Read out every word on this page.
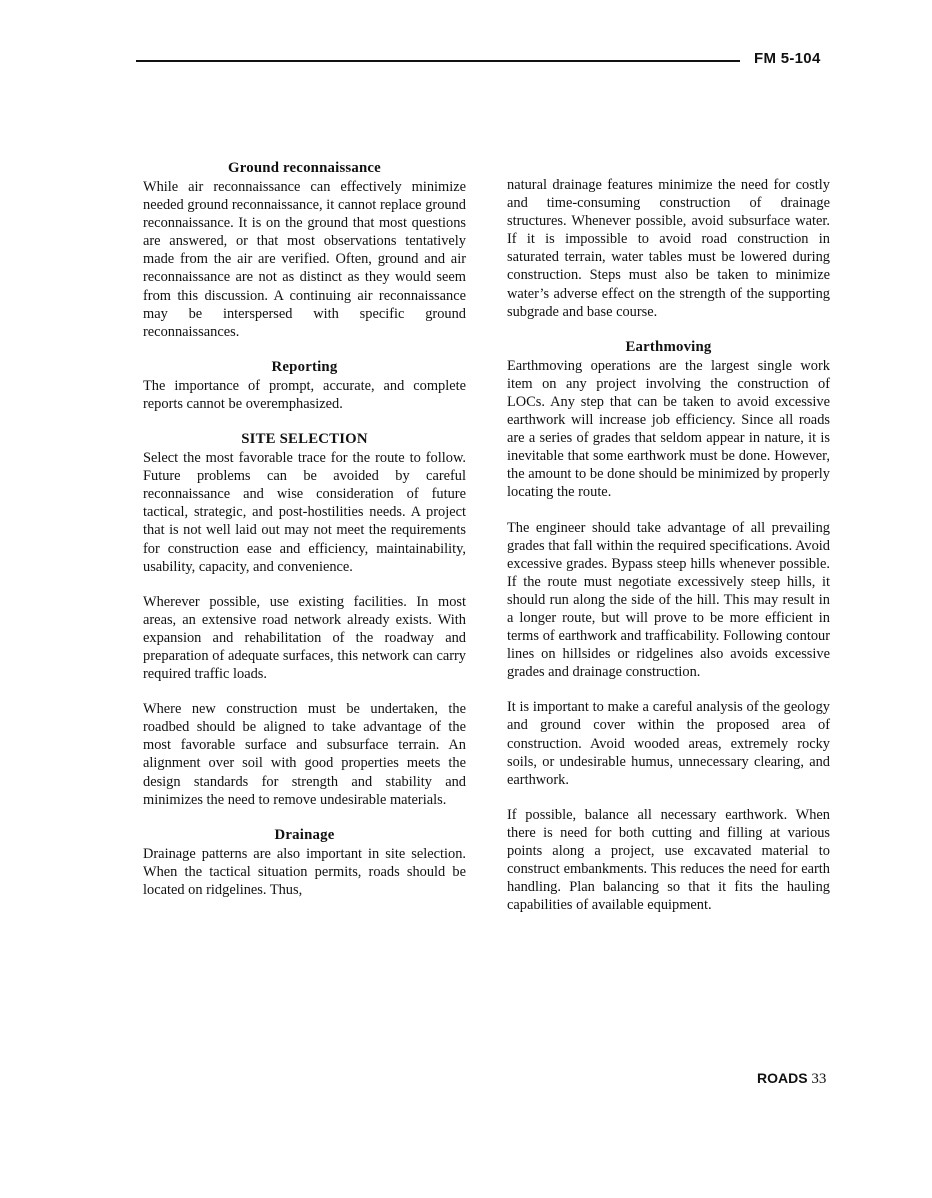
FM 5-104
Ground reconnaissance

While air reconnaissance can effectively minimize needed ground reconnaissance, it cannot replace ground reconnaissance. It is on the ground that most questions are answered, or that most observations tentatively made from the air are verified. Often, ground and air reconnaissance are not as distinct as they would seem from this discussion. A continuing air reconnaissance may be interspersed with specific ground reconnaissances.

Reporting

The importance of prompt, accurate, and complete reports cannot be overemphasized.

SITE SELECTION

Select the most favorable trace for the route to follow. Future problems can be avoided by careful reconnaissance and wise consideration of future tactical, strategic, and post-hostilities needs. A project that is not well laid out may not meet the requirements for construction ease and efficiency, maintainability, usability, capacity, and convenience.

Wherever possible, use existing facilities. In most areas, an extensive road network already exists. With expansion and rehabilitation of the roadway and preparation of adequate surfaces, this network can carry required traffic loads.

Where new construction must be undertaken, the roadbed should be aligned to take advantage of the most favorable surface and subsurface terrain. An alignment over soil with good properties meets the design standards for strength and stability and minimizes the need to remove undesirable materials.

Drainage

Drainage patterns are also important in site selection. When the tactical situation permits, roads should be located on ridgelines. Thus,

natural drainage features minimize the need for costly and time-consuming construction of drainage structures. Whenever possible, avoid subsurface water. If it is impossible to avoid road construction in saturated terrain, water tables must be lowered during construction. Steps must also be taken to minimize water’s adverse effect on the strength of the supporting subgrade and base course.

Earthmoving

Earthmoving operations are the largest single work item on any project involving the construction of LOCs. Any step that can be taken to avoid excessive earthwork will increase job efficiency. Since all roads are a series of grades that seldom appear in nature, it is inevitable that some earthwork must be done. However, the amount to be done should be minimized by properly locating the route.

The engineer should take advantage of all prevailing grades that fall within the required specifications. Avoid excessive grades. Bypass steep hills whenever possible. If the route must negotiate excessively steep hills, it should run along the side of the hill. This may result in a longer route, but will prove to be more efficient in terms of earthwork and trafficability. Following contour lines on hillsides or ridgelines also avoids excessive grades and drainage construction.

It is important to make a careful analysis of the geology and ground cover within the proposed area of construction. Avoid wooded areas, extremely rocky soils, or undesirable humus, unnecessary clearing, and earthwork.

If possible, balance all necessary earthwork. When there is need for both cutting and filling at various points along a project, use excavated material to construct embankments. This reduces the need for earth handling. Plan balancing so that it fits the hauling capabilities of available equipment.

ROADS 33
